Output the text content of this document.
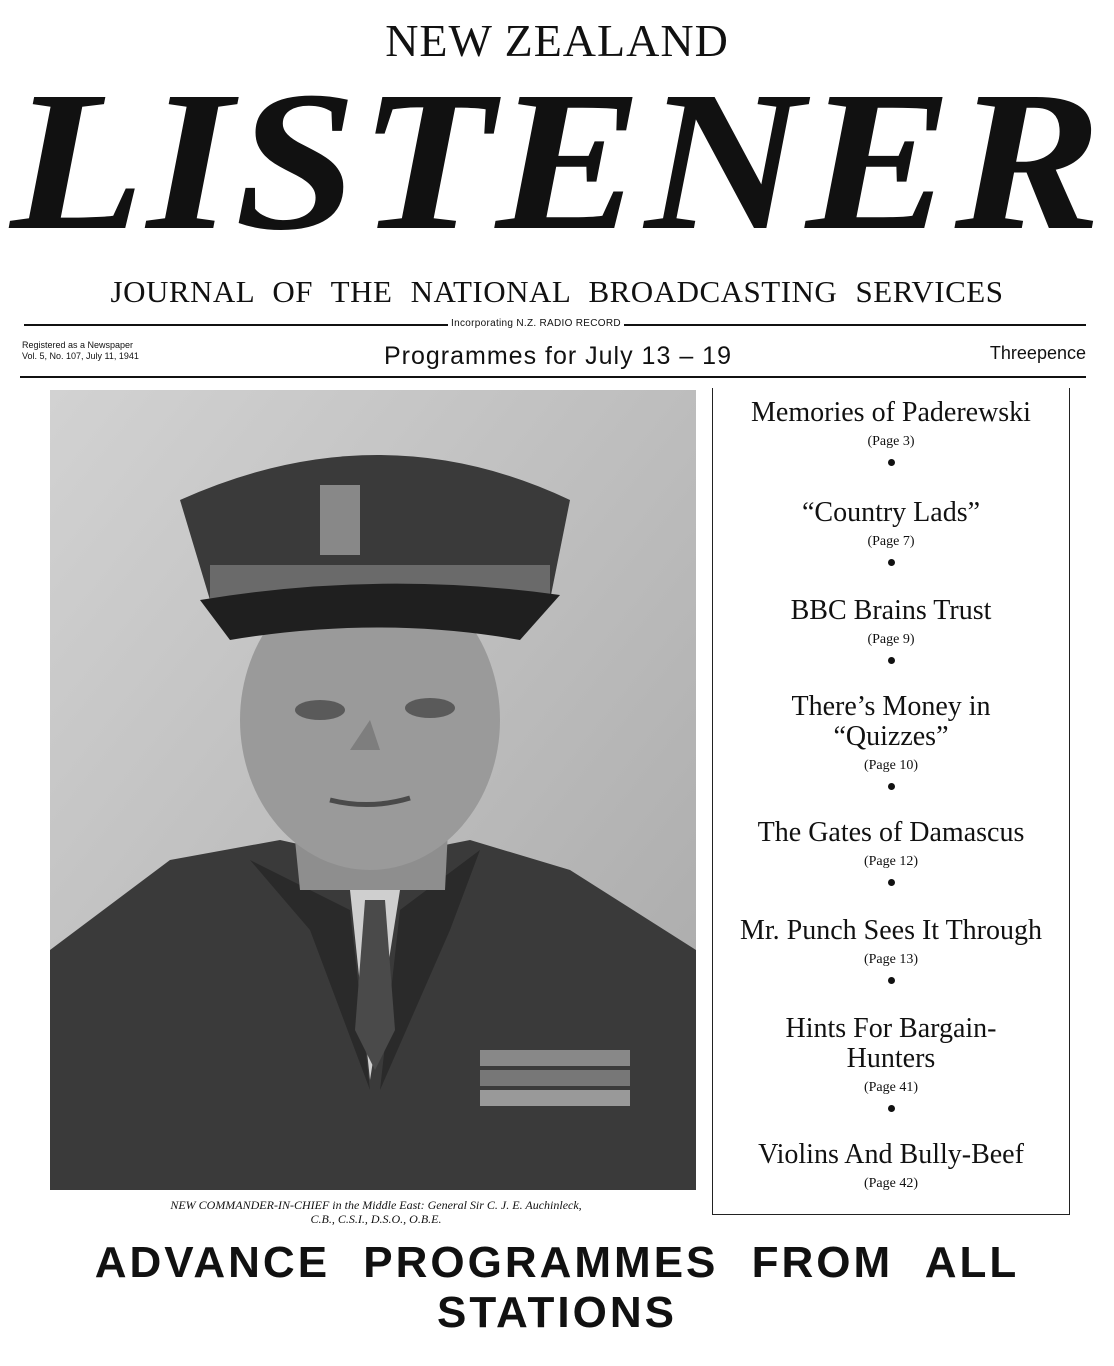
NEW ZEALAND
LISTENER
JOURNAL OF THE NATIONAL BROADCASTING SERVICES
Incorporating N.Z. RADIO RECORD
Registered as a Newspaper
Vol. 5, No. 107, July 11, 1941	Programmes for July 13 – 19	Threepence
NEW COMMANDER-IN-CHIEF in the Middle East: General Sir C. J. E. Auchinleck,
C.B., C.S.I., D.S.O., O.B.E.
Memories of Paderewski
(Page 3)
“Country Lads”
(Page 7)
BBC Brains Trust
(Page 9)
There’s Money in “Quizzes”
(Page 10)
The Gates of Damascus
(Page 12)
Mr. Punch Sees It Through
(Page 13)
Hints For Bargain-Hunters
(Page 41)
Violins And Bully-Beef
(Page 42)
ADVANCE PROGRAMMES FROM ALL STATIONS
